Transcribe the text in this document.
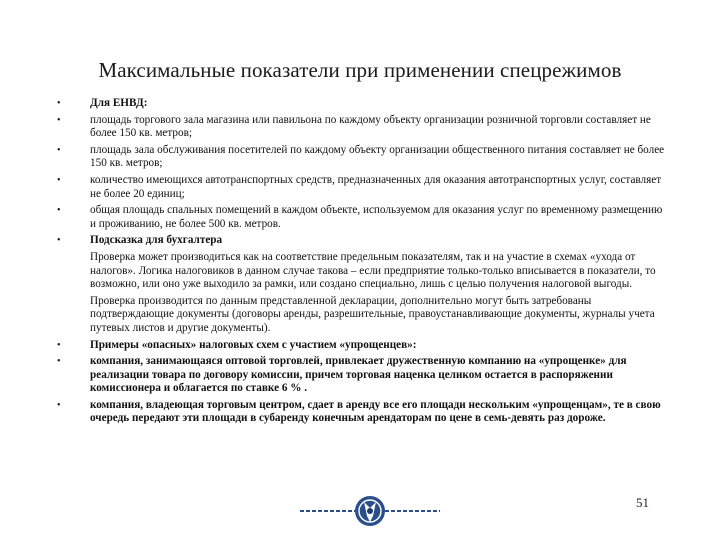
Максимальные показатели при применении спецрежимов
•	Для ЕНВД:
•	площадь торгового зала магазина или павильона по каждому объекту организации розничной торговли составляет не более 150 кв. метров;
•	площадь зала обслуживания посетителей по каждому объекту организации общественного питания составляет не более 150 кв. метров;
•	количество имеющихся автотранспортных средств, предназначенных для оказания автотранспортных услуг, составляет не более 20 единиц;
•	общая площадь спальных помещений в каждом объекте, используемом для оказания услуг по временному размещению и проживанию, не более 500 кв. метров.
•	Подсказка для бухгалтера
Проверка может производиться как на соответствие предельным показателям, так и на участие в схемах «ухода от налогов». Логика налоговиков в данном случае такова – если предприятие только-только вписывается в показатели, то возможно, или оно уже выходило за рамки, или создано специально, лишь с целью получения налоговой выгоды.
Проверка производится по данным представленной декларации, дополнительно могут быть затребованы подтверждающие документы (договоры аренды, разрешительные, правоустанавливающие документы, журналы учета путевых листов и другие документы).
•	Примеры «опасных» налоговых схем с участием «упрощенцев»:
•	компания, занимающаяся оптовой торговлей, привлекает дружественную компанию на «упрощенке» для реализации товара по договору комиссии, причем торговая наценка целиком остается в распоряжении комиссионера и облагается по ставке 6 % .
•	компания, владеющая торговым центром, сдает в аренду все его площади нескольким «упрощенцам», те в свою очередь передают эти площади в субаренду конечным арендаторам по цене в семь-девять раз дороже.
51
